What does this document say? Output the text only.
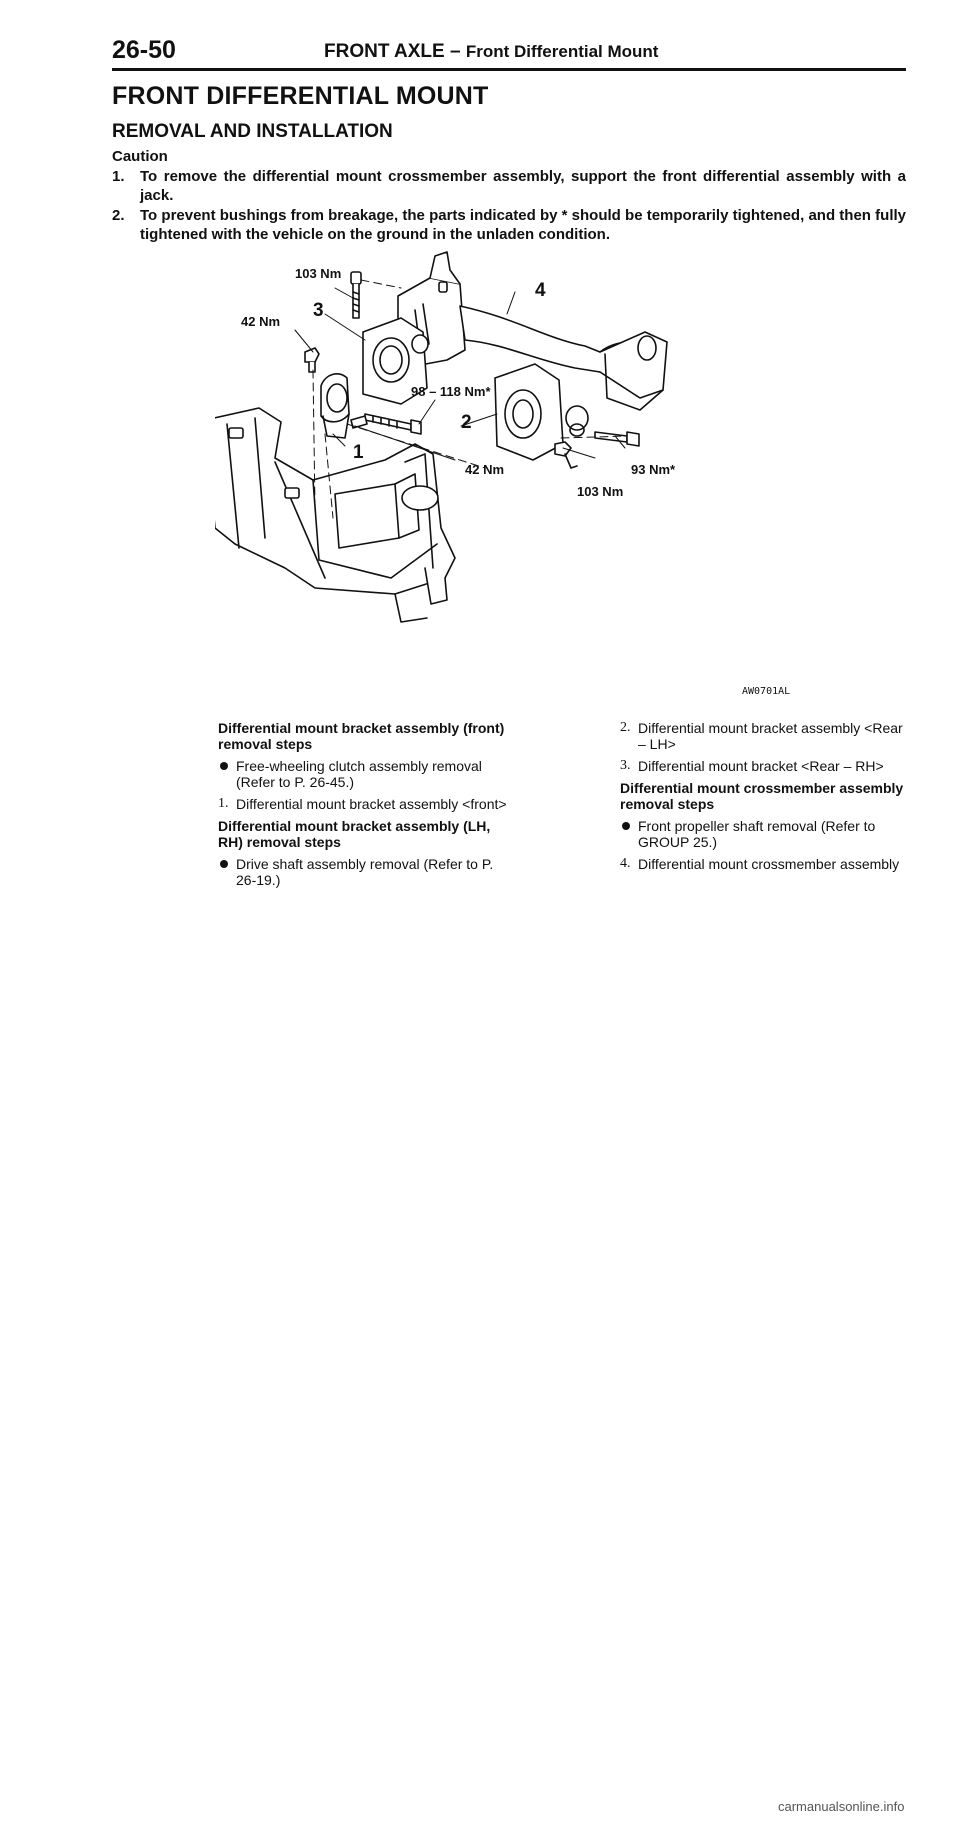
26-50	FRONT AXLE – Front Differential Mount
FRONT DIFFERENTIAL MOUNT
REMOVAL AND INSTALLATION
Caution
1. To remove the differential mount crossmember assembly, support the front differential assembly with a jack.
2. To prevent bushings from breakage, the parts indicated by * should be temporarily tightened, and then fully tightened with the vehicle on the ground in the unladen condition.
103 Nm
42 Nm
3
4
98 – 118 Nm*
2
1
42 Nm	93 Nm*
103 Nm
AW0701AL
Differential mount bracket assembly (front) removal steps
Free-wheeling clutch assembly removal (Refer to P. 26-45.)
1. Differential mount bracket assembly <front>
Differential mount bracket assembly (LH, RH) removal steps
Drive shaft assembly removal (Refer to P. 26-19.)
2. Differential mount bracket assembly <Rear – LH>
3. Differential mount bracket <Rear – RH>
Differential mount crossmember assembly removal steps
Front propeller shaft removal (Refer to GROUP 25.)
4. Differential mount crossmember assembly
carmanualsonline.info
